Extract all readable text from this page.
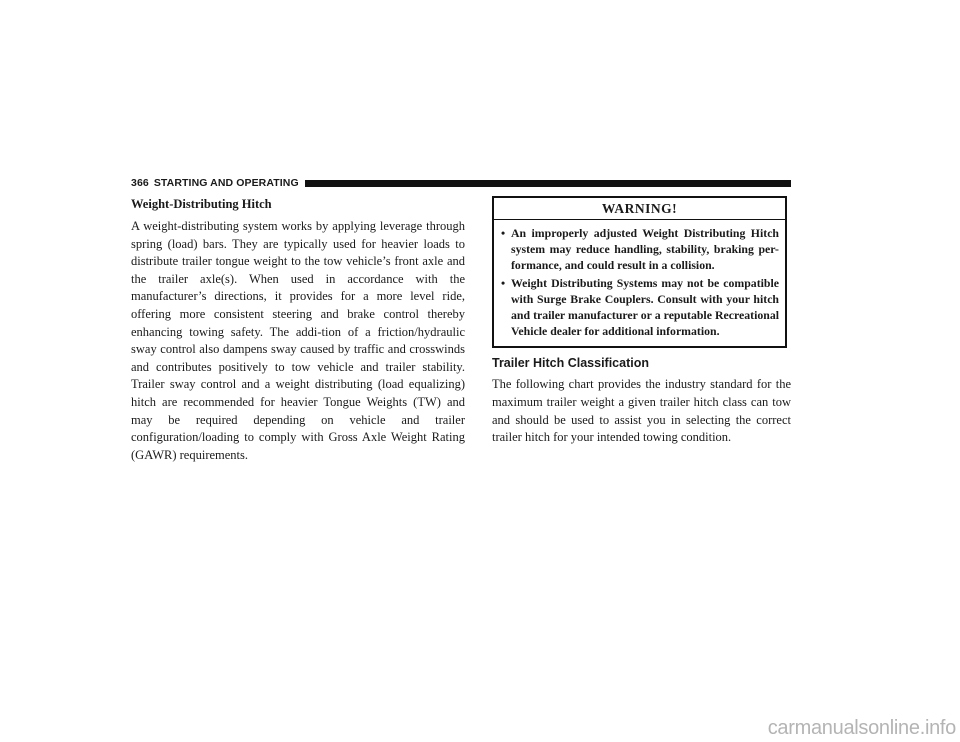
366 STARTING AND OPERATING
Weight-Distributing Hitch

A weight-distributing system works by applying leverage through spring (load) bars. They are typically used for heavier loads to distribute trailer tongue weight to the tow vehicle’s front axle and the trailer axle(s). When used in accordance with the manufacturer’s directions, it provides for a more level ride, offering more consistent steering and brake control thereby enhancing towing safety. The addi-tion of a friction/hydraulic sway control also dampens sway caused by traffic and crosswinds and contributes positively to tow vehicle and trailer stability. Trailer sway control and a weight distributing (load equalizing) hitch are recommended for heavier Tongue Weights (TW) and may be required depending on vehicle and trailer configuration/loading to comply with Gross Axle Weight Rating (GAWR) requirements.

WARNING!
• An improperly adjusted Weight Distributing Hitch system may reduce handling, stability, braking per-formance, and could result in a collision.
• Weight Distributing Systems may not be compatible with Surge Brake Couplers. Consult with your hitch and trailer manufacturer or a reputable Recreational Vehicle dealer for additional information.
Trailer Hitch Classification

The following chart provides the industry standard for the maximum trailer weight a given trailer hitch class can tow and should be used to assist you in selecting the correct trailer hitch for your intended towing condition.

carmanualsonline.info
